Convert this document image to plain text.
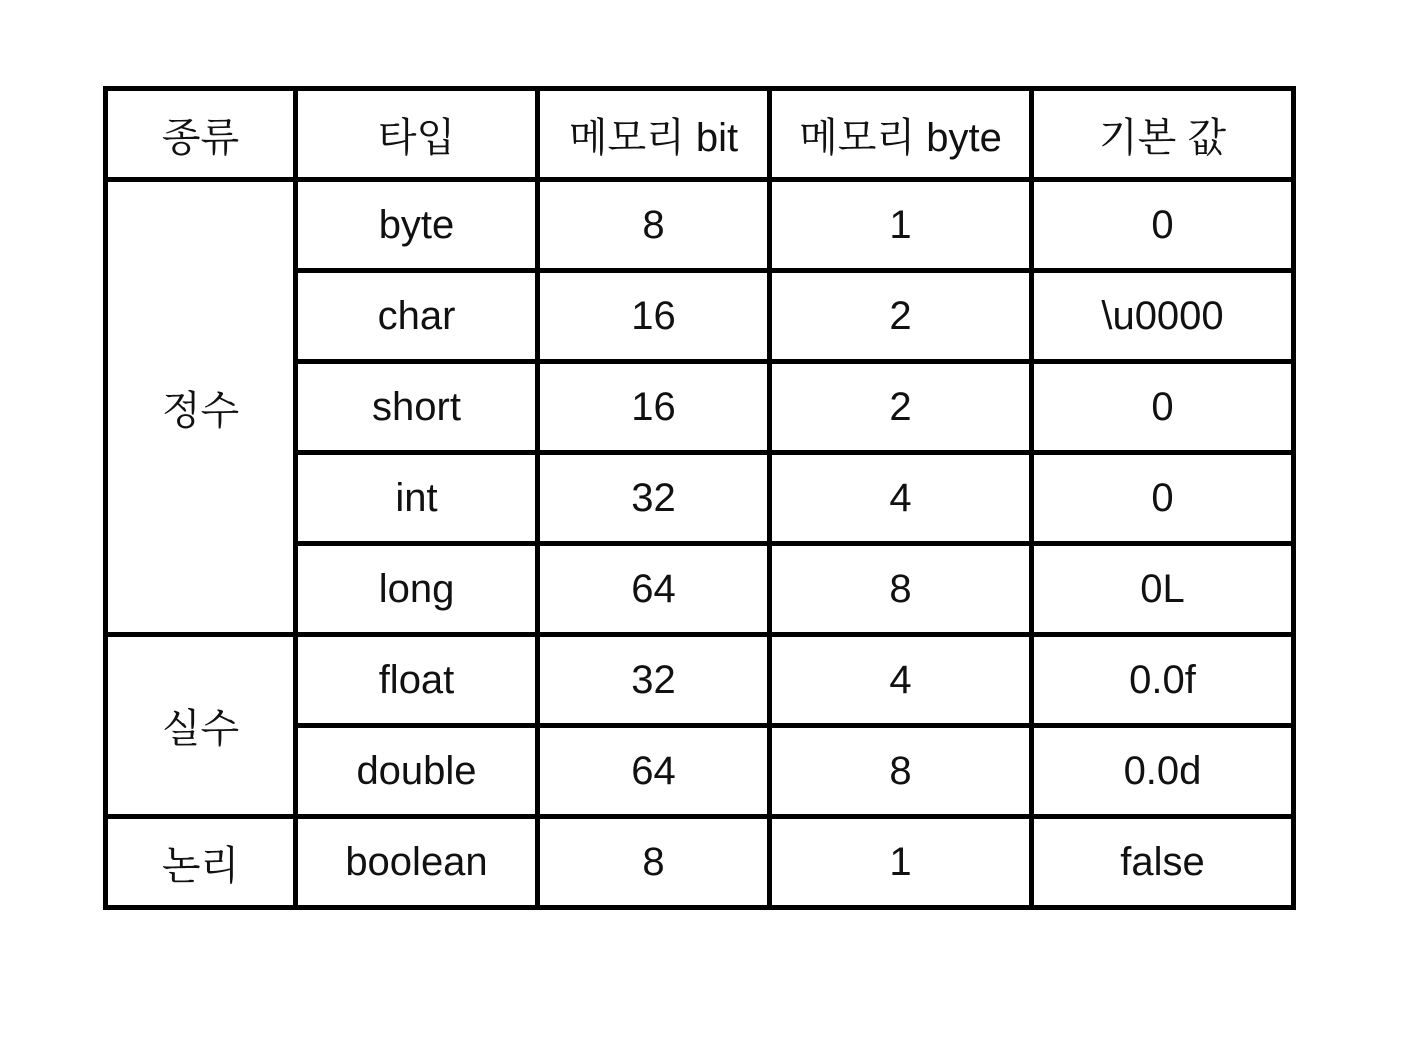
종류	타입	메모리 bit	메모리 byte	기본 값
정수	byte	8	1	0
	char	16	2	\u0000
	short	16	2	0
	int	32	4	0
	long	64	8	0L
실수	float	32	4	0.0f
	double	64	8	0.0d
논리	boolean	8	1	false
